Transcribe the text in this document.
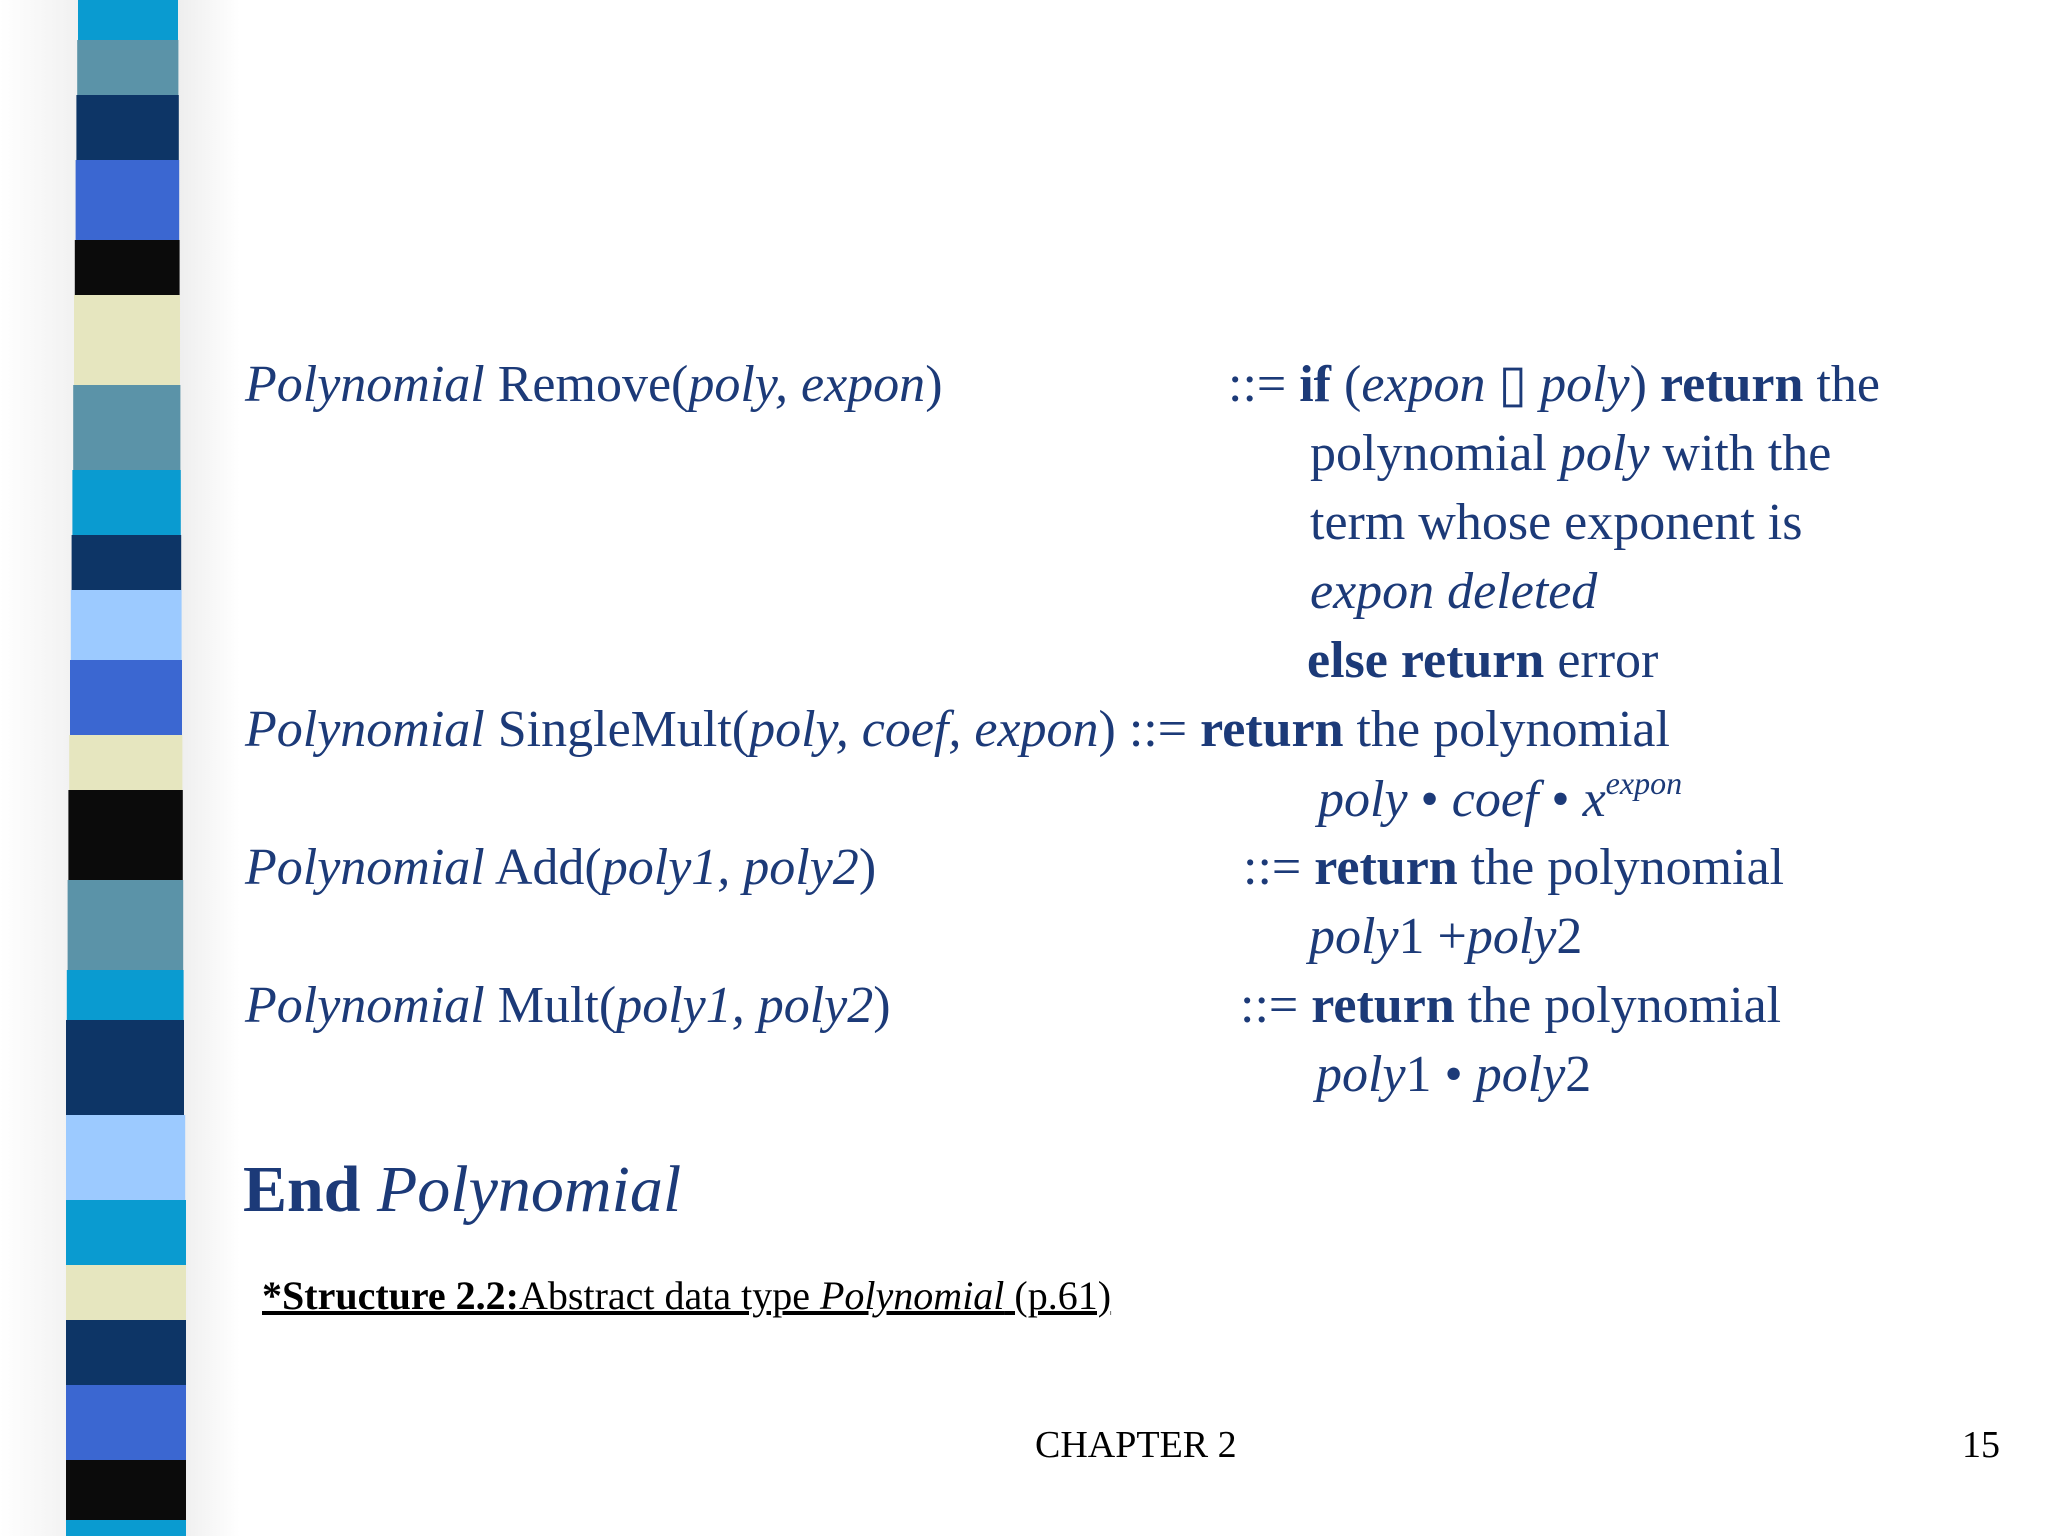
Polynomial Remove(poly, expon)	::= if (expon ▯ poly) return the
polynomial poly with the
term whose exponent is
expon deleted
else return error
Polynomial SingleMult(poly, coef, expon) ::= return the polynomial
poly • coef • $x^{expon}$
Polynomial Add(poly1, poly2)	::= return the polynomial
poly1 +poly2
Polynomial Mult(poly1, poly2)	::= return the polynomial
poly1 • poly2
End Polynomial
*Structure 2.2:Abstract data type Polynomial (p.61)
CHAPTER 2	15
